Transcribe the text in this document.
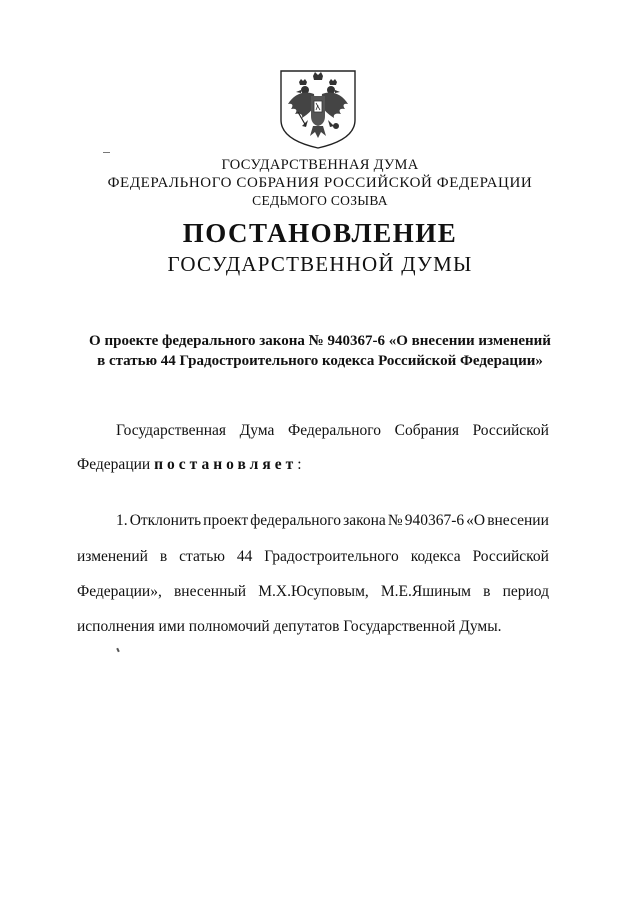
ГОСУДАРСТВЕННАЯ ДУМА
ФЕДЕРАЛЬНОГО СОБРАНИЯ РОССИЙСКОЙ ФЕДЕРАЦИИ
СЕДЬМОГО СОЗЫВА
ПОСТАНОВЛЕНИЕ
ГОСУДАРСТВЕННОЙ ДУМЫ
О проекте федерального закона № 940367-6 «О внесении изменений
в статью 44 Градостроительного кодекса Российской Федерации»
Государственная Дума Федерального Собрания Российской
Федерации постановляет:
1. Отклонить проект федерального закона № 940367-6 «О внесении
изменений в статью 44 Градостроительного кодекса Российской
Федерации», внесенный М.Х.Юсуповым, М.Е.Яшиным в период
исполнения ими полномочий депутатов Государственной Думы.
